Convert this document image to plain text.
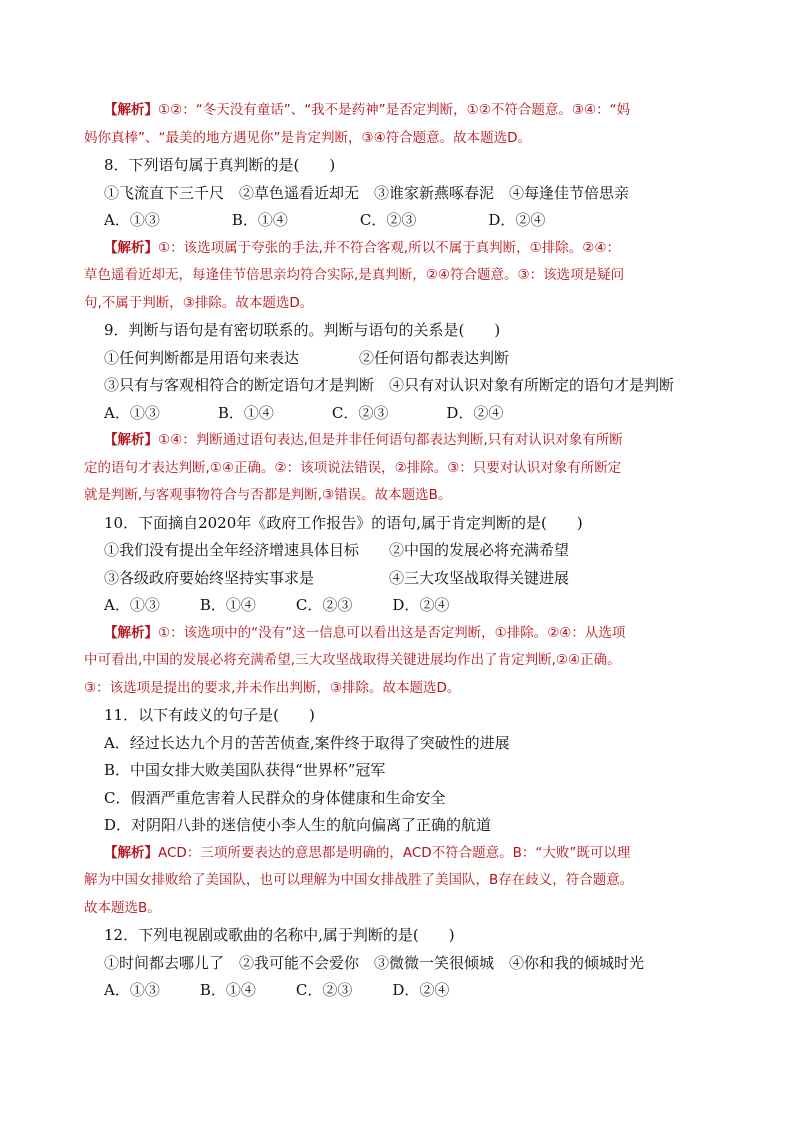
【解析】①②：“冬天没有童话”、“我不是药神”是否定判断，①②不符合题意。③④：“妈
妈你真棒”、“最美的地方遇见你”是肯定判断，③④符合题意。故本题选D。
8．下列语句属于真判断的是(　　)
①飞流直下三千尺　②草色遥看近却无　③谁家新燕啄春泥　④每逢佳节倍思亲
A．①③	B．①④	C．②③	D．②④
【解析】①：该选项属于夸张的手法,并不符合客观,所以不属于真判断，①排除。②④：
草色遥看近却无，每逢佳节倍思亲均符合实际,是真判断，②④符合题意。③：该选项是疑问
句,不属于判断，③排除。故本题选D。
9．判断与语句是有密切联系的。判断与语句的关系是(　　)
①任何判断都是用语句来表达　　　　②任何语句都表达判断
③只有与客观相符合的断定语句才是判断　④只有对认识对象有所断定的语句才是判断
A．①③	B．①④	C．②③	D．②④
【解析】①④：判断通过语句表达,但是并非任何语句都表达判断,只有对认识对象有所断
定的语句才表达判断,①④正确。②：该项说法错误，②排除。③：只要对认识对象有所断定
就是判断,与客观事物符合与否都是判断,③错误。故本题选B。
10．下面摘自2020年《政府工作报告》的语句,属于肯定判断的是(　　)
①我们没有提出全年经济增速具体目标　　②中国的发展必将充满希望
③各级政府要始终坚持实事求是　　　　　④三大攻坚战取得关键进展
A．①③	B．①④	C．②③	D．②④
【解析】①：该选项中的“没有”这一信息可以看出这是否定判断，①排除。②④：从选项
中可看出,中国的发展必将充满希望,三大攻坚战取得关键进展均作出了肯定判断,②④正确。
③：该选项是提出的要求,并未作出判断，③排除。故本题选D。
11．以下有歧义的句子是(　　)
A．经过长达九个月的苦苦侦查,案件终于取得了突破性的进展
B．中国女排大败美国队获得“世界杯”冠军
C．假酒严重危害着人民群众的身体健康和生命安全
D．对阴阳八卦的迷信使小李人生的航向偏离了正确的航道
【解析】ACD：三项所要表达的意思都是明确的，ACD不符合题意。B：“大败”既可以理
解为中国女排败给了美国队，也可以理解为中国女排战胜了美国队，B存在歧义，符合题意。
故本题选B。
12．下列电视剧或歌曲的名称中,属于判断的是(　　)
①时间都去哪儿了　②我可能不会爱你　③微微一笑很倾城　④你和我的倾城时光
A．①③	B．①④	C．②③	D．②④
